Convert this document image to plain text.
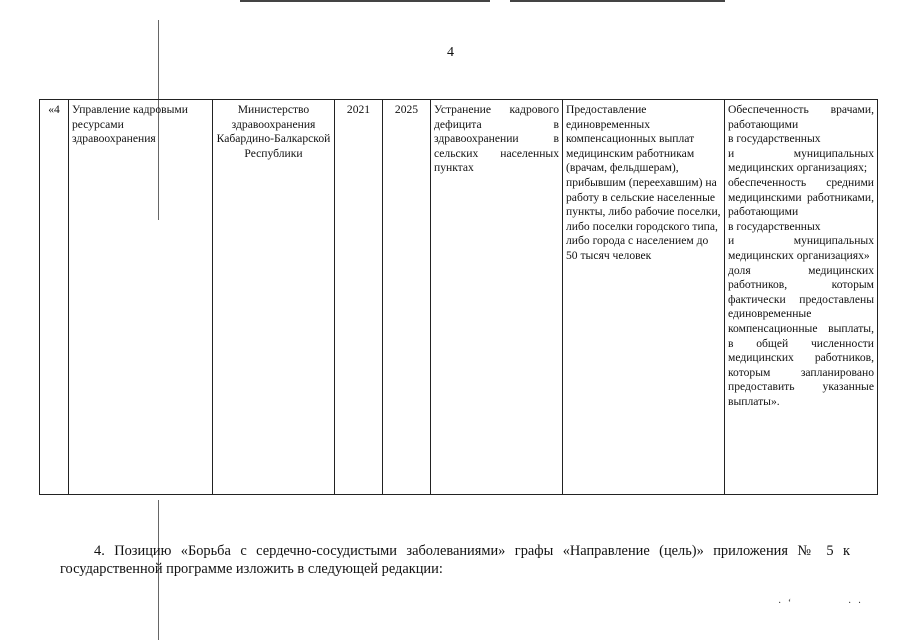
4
«4	Управление кадровыми ресурсами здравоохранения	Министерство здравоохранения Кабардино-Балкарской Республики	2021	2025	Устранение кадрового дефицита в здравоохранении в сельских населенных пунктах	Предоставление единовременных компенсационных выплат медицинским работникам (врачам, фельдшерам), прибывшим (переехавшим) на работу в сельские населенные пункты, либо рабочие поселки, либо поселки городского типа, либо города с населением до 50 тысяч человек	Обеспеченность врачами, работающими
в государственных
и муниципальных медицинских организациях;
обеспеченность средними медицинскими работниками, работающими
в государственных
и муниципальных медицинских организациях»
доля медицинских работников, которым фактически предоставлены единовременные компенсационные выплаты, в общей численности медицинских работников, которым запланировано предоставить указанные выплаты».

4. Позицию «Борьба с сердечно-сосудистыми заболеваниями» графы «Направление (цель)» приложения № 5 к государственной программе изложить в следующей редакции:

· ‘	· ·
